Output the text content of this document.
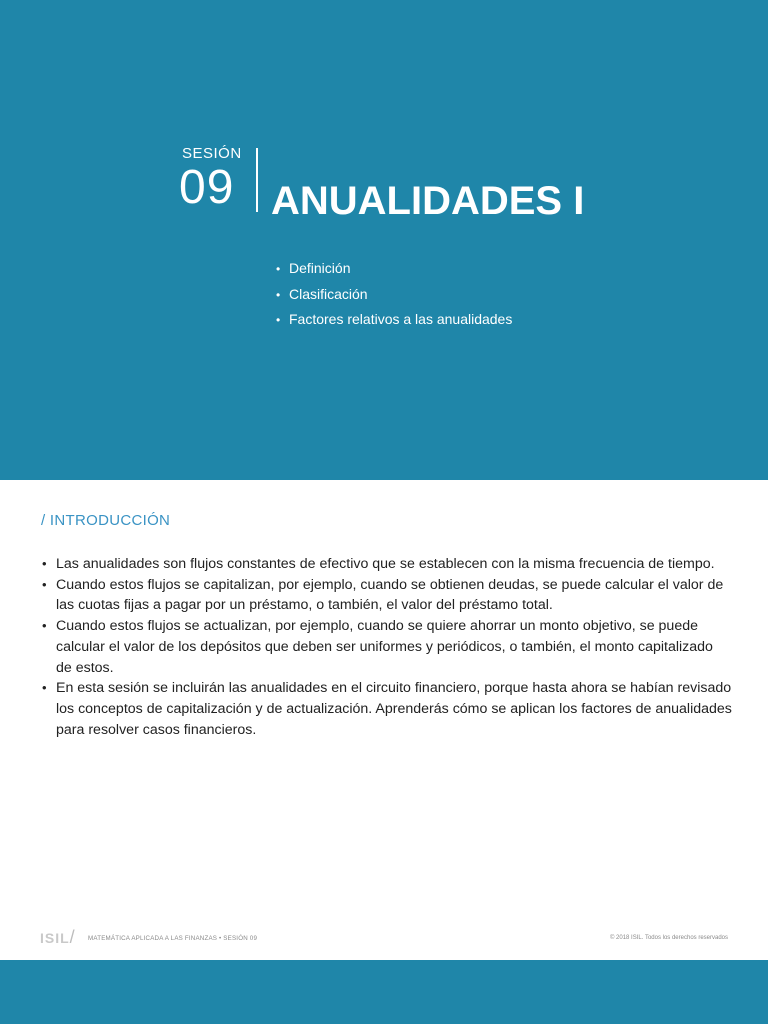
SESIÓN
09 ANUALIDADES I
• Definición
• Clasificación
• Factores relativos a las anualidades
/ INTRODUCCIÓN
• Las anualidades son flujos constantes de efectivo que se establecen con la misma frecuencia de tiempo.
• Cuando estos flujos se capitalizan, por ejemplo, cuando se obtienen deudas, se puede calcular el valor de las cuotas fijas a pagar por un préstamo, o también, el valor del préstamo total.
• Cuando estos flujos se actualizan, por ejemplo, cuando se quiere ahorrar un monto objetivo, se puede calcular el valor de los depósitos que deben ser uniformes y periódicos, o también, el monto capitalizado de estos.
• En esta sesión se incluirán las anualidades en el circuito financiero, porque hasta ahora se habían revisado los conceptos de capitalización y de actualización. Aprenderás cómo se aplican los factores de anualidades para resolver casos financieros.
ISIL/ MATEMÁTICA APLICADA A LAS FINANZAS • SESIÓN 09	© 2018 ISIL. Todos los derechos reservados
